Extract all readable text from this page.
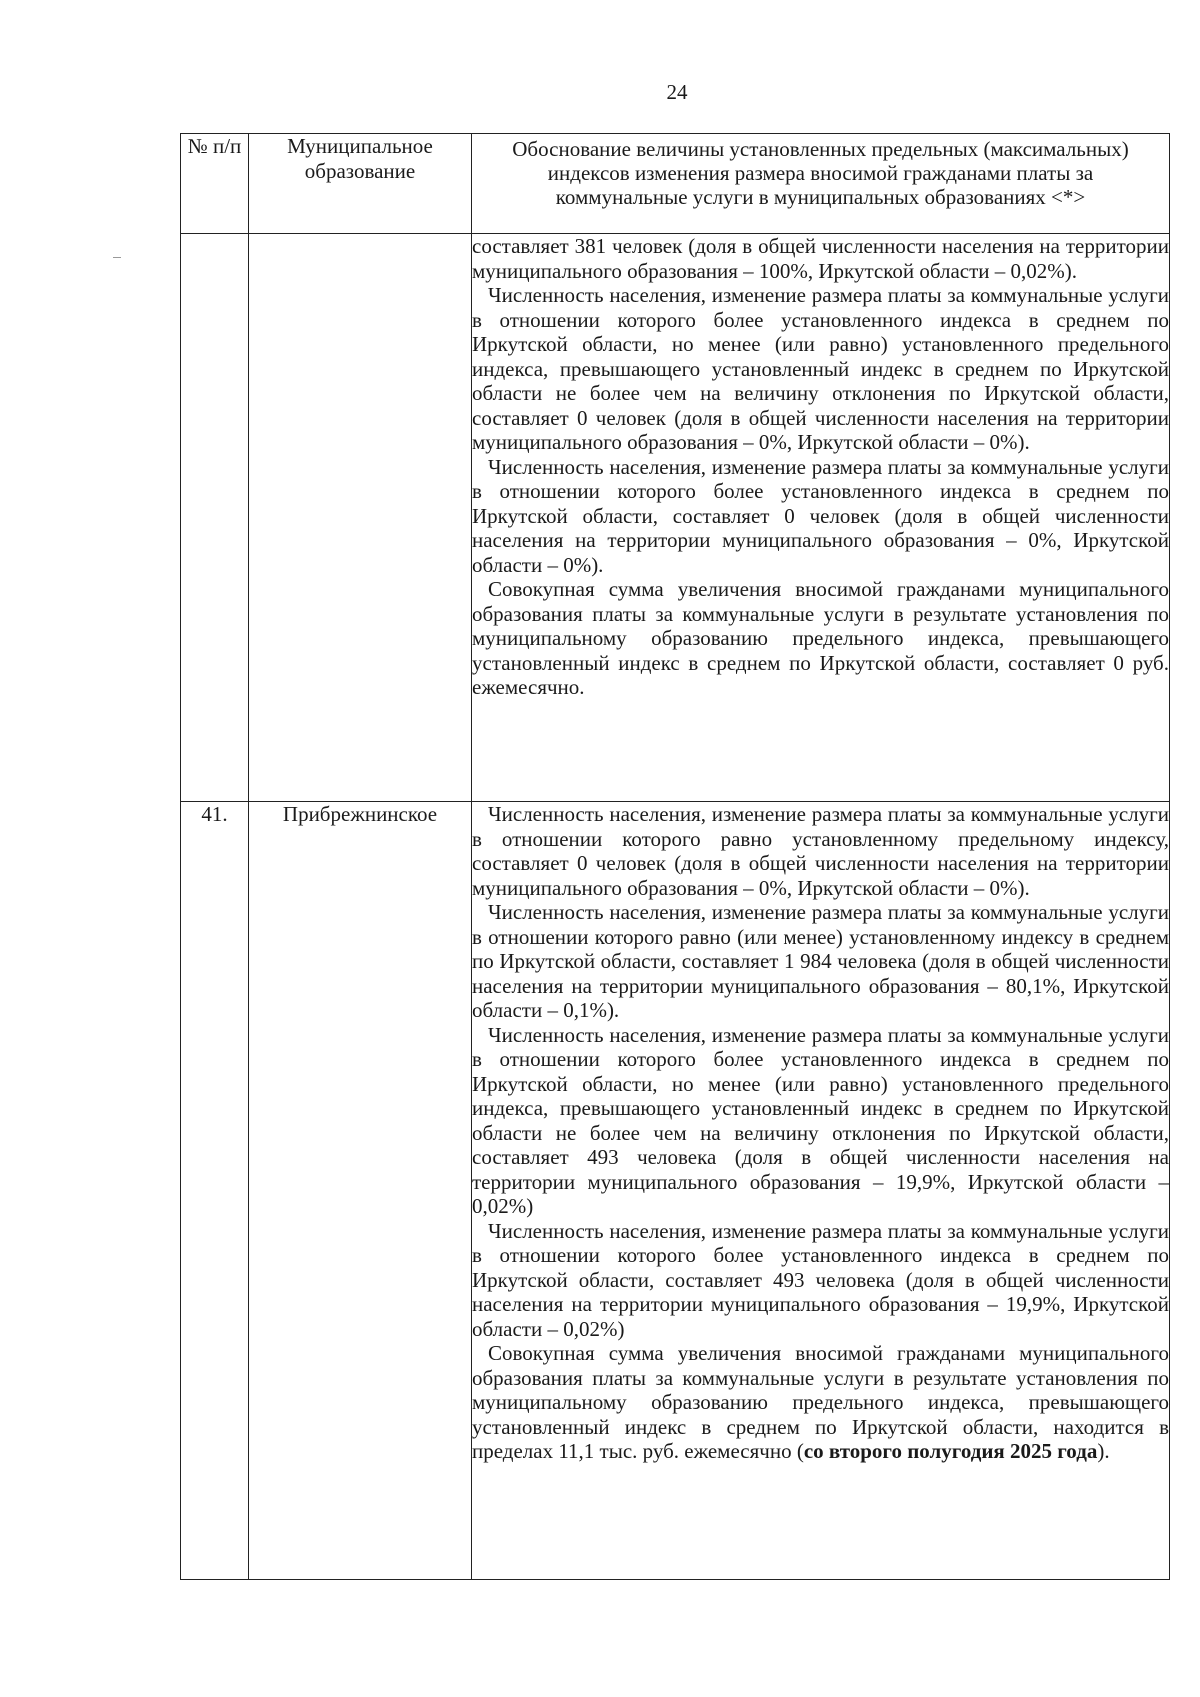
24
№ п/п	Муниципальное образование	Обоснование величины установленных предельных (максимальных) индексов изменения размера вносимой гражданами платы за коммунальные услуги в муниципальных образованиях <*>

		составляет 381 человек (доля в общей численности населения на территории муниципального образования – 100%, Иркутской области – 0,02%).

Численность населения, изменение размера платы за коммунальные услуги в отношении которого более установленного индекса в среднем по Иркутской области, но менее (или равно) установленного предельного индекса, превышающего установленный индекс в среднем по Иркутской области не более чем на величину отклонения по Иркутской области, составляет 0 человек (доля в общей численности населения на территории муниципального образования – 0%, Иркутской области – 0%).

Численность населения, изменение размера платы за коммунальные услуги в отношении которого более установленного индекса в среднем по Иркутской области, составляет 0 человек (доля в общей численности населения на территории муниципального образования – 0%, Иркутской области – 0%).

Совокупная сумма увеличения вносимой гражданами муниципального образования платы за коммунальные услуги в результате установления по муниципальному образованию предельного индекса, превышающего установленный индекс в среднем по Иркутской области, составляет 0 руб. ежемесячно.

41.	Прибрежнинское	Численность населения, изменение размера платы за коммунальные услуги в отношении которого равно установленному предельному индексу, составляет 0 человек (доля в общей численности населения на территории муниципального образования – 0%, Иркутской области – 0%).

Численность населения, изменение размера платы за коммунальные услуги в отношении которого равно (или менее) установленному индексу в среднем по Иркутской области, составляет 1 984 человека (доля в общей численности населения на территории муниципального образования – 80,1%, Иркутской области – 0,1%).

Численность населения, изменение размера платы за коммунальные услуги в отношении которого более установленного индекса в среднем по Иркутской области, но менее (или равно) установленного предельного индекса, превышающего установленный индекс в среднем по Иркутской области не более чем на величину отклонения по Иркутской области, составляет 493 человека (доля в общей численности населения на территории муниципального образования – 19,9%, Иркутской области – 0,02%)

Численность населения, изменение размера платы за коммунальные услуги в отношении которого более установленного индекса в среднем по Иркутской области, составляет 493 человека (доля в общей численности населения на территории муниципального образования – 19,9%, Иркутской области – 0,02%)

Совокупная сумма увеличения вносимой гражданами муниципального образования платы за коммунальные услуги в результате установления по муниципальному образованию предельного индекса, превышающего установленный индекс в среднем по Иркутской области, находится в пределах 11,1 тыс. руб. ежемесячно (со второго полугодия 2025 года).
